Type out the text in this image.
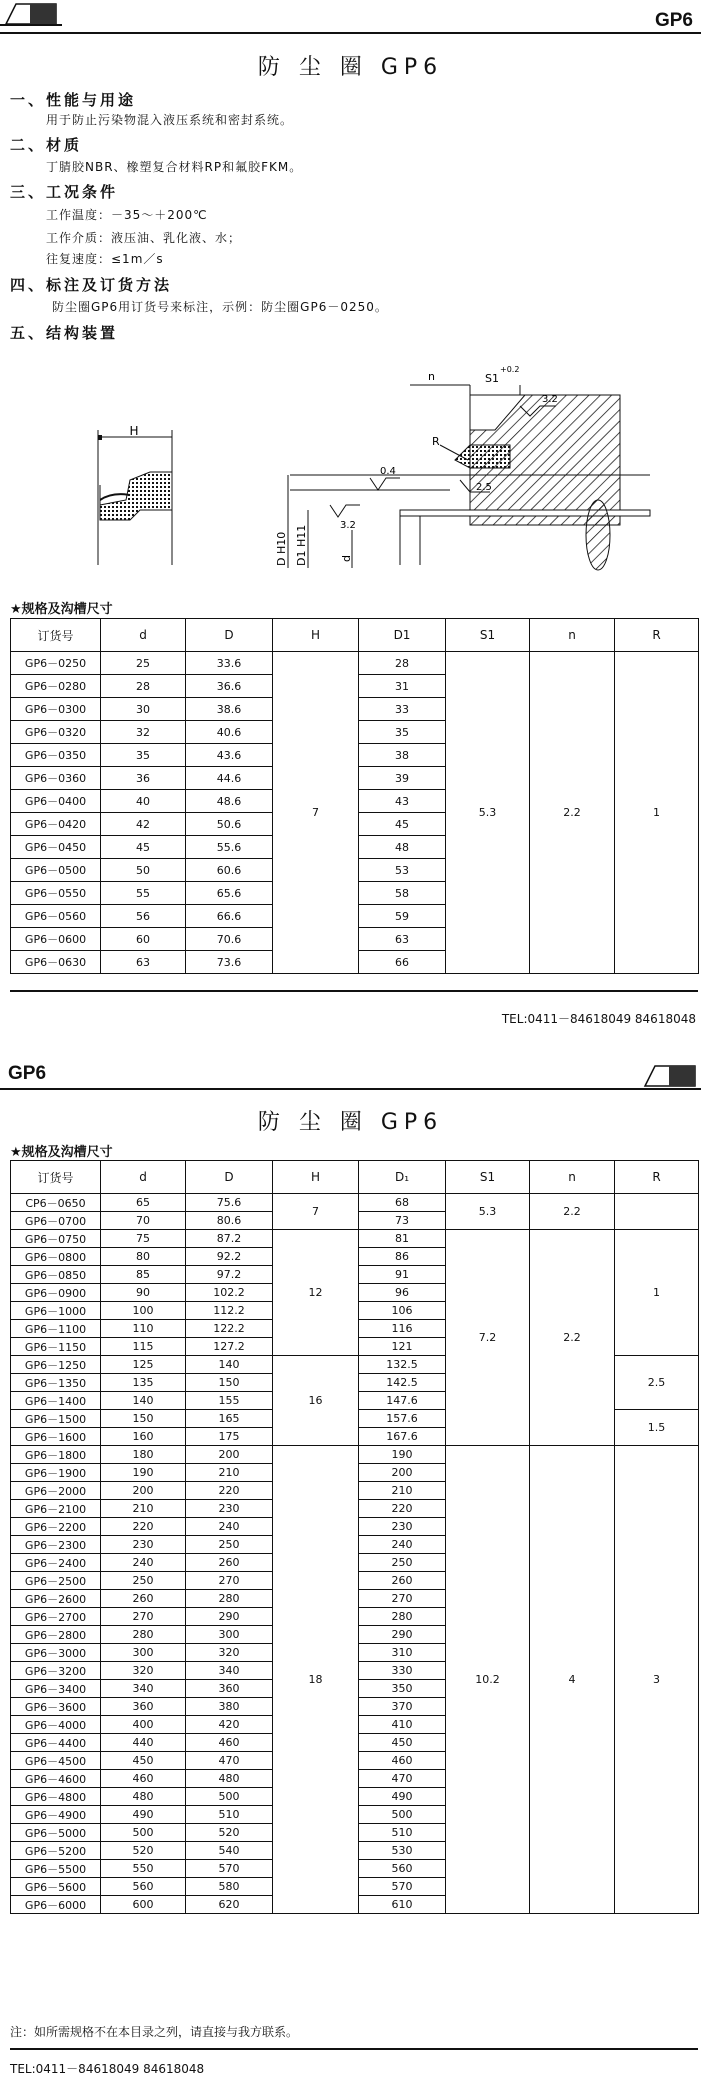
GP6
防 尘 圈 GP6
一、性能与用途
用于防止污染物混入液压系统和密封系统。
二、材质
丁腈胶NBR、橡塑复合材料RP和氟胶FKM。
三、工况条件
工作温度：－35～＋200℃
工作介质：液压油、乳化液、水；
往复速度：≤1m／s
四、标注及订货方法
防尘圈GP6用订货号来标注，示例：防尘圈GP6－0250。
五、结构装置
H
n	S1
+0.2
3.2
R
0.4
3.2
2.5
D H10 D1 H11	d
★规格及沟槽尺寸
订货号	d	D	H	D1	S1	n	R
GP6－0250	25	33.6	7	28	5.3	2.2	1
GP6－0280	28	36.6		31			
GP6－0300	30	38.6		33			
GP6－0320	32	40.6		35			
GP6－0350	35	43.6		38			
GP6－0360	36	44.6		39			
GP6－0400	40	48.6		43			
GP6－0420	42	50.6		45			
GP6－0450	45	55.6		48			
GP6－0500	50	60.6		53			
GP6－0550	55	65.6		58			
GP6－0560	56	66.6		59			
GP6－0600	60	70.6		63			
GP6－0630	63	73.6		66			
TEL:0411－84618049 84618048
GP6
防 尘 圈 GP6
★规格及沟槽尺寸
订货号	d	D	H	D₁	S1	n	R
CP6－0650	65	75.6	7	68	5.3	2.2	
GP6－0700	70	80.6		73			
GP6－0750	75	87.2	12	81	7.2	2.2	1
GP6－0800	80	92.2		86			
GP6－0850	85	97.2		91			
GP6－0900	90	102.2		96			
GP6－1000	100	112.2		106			
GP6－1100	110	122.2		116			
GP6－1150	115	127.2		121			
GP6－1250	125	140	16	132.5			2.5
GP6－1350	135	150		142.5			
GP6－1400	140	155		147.6			
GP6－1500	150	165		157.6			1.5
GP6－1600	160	175		167.6			
GP6－1800	180	200	18	190	10.2	4	3
GP6－1900	190	210		200			
GP6－2000	200	220		210			
GP6－2100	210	230		220			
GP6－2200	220	240		230			
GP6－2300	230	250		240			
GP6－2400	240	260		250			
GP6－2500	250	270		260			
GP6－2600	260	280		270			
GP6－2700	270	290		280			
GP6－2800	280	300		290			
GP6－3000	300	320		310			
GP6－3200	320	340		330			
GP6－3400	340	360		350			
GP6－3600	360	380		370			
GP6－4000	400	420		410			
GP6－4400	440	460		450			
GP6－4500	450	470		460			
GP6－4600	460	480		470			
GP6－4800	480	500		490			
GP6－4900	490	510		500			
GP6－5000	500	520		510			
GP6－5200	520	540		530			
GP6－5500	550	570		560			
GP6－5600	560	580		570			
GP6－6000	600	620		610			
注：如所需规格不在本目录之列，请直接与我方联系。
TEL:0411－84618049 84618048
